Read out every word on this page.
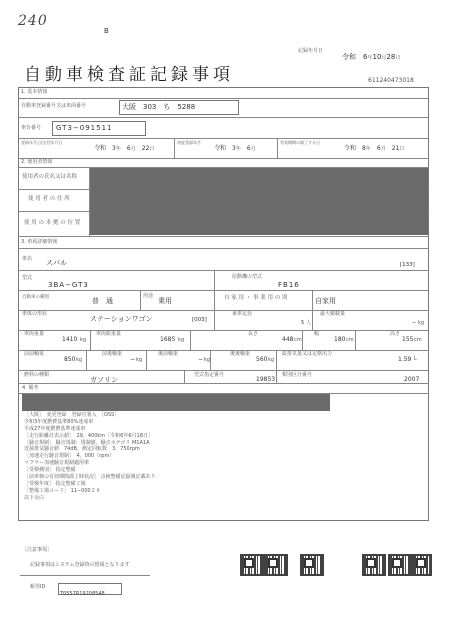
240
B
記録年月日
令和　 6年10月28日
自動車検査証記録事項	611240473018
1. 基本情報
自動車登録番号又は車両番号	大阪　303　ち　5288
車台番号 GT3−091511
登録年月日/交付年月日
令和　 3年　 6月　 22日
初度登録年月
令和　 3年　 6月
有効期間の満了する日
令和　 8年　 6月　 21日
2. 使用者情報
使用者の氏名又は名称
使 用 者 の 住 所
使 用 の 本 拠 の 位 置
3. 車両詳細情報
車名 スバル	[133]
型式
3BA−GT3
原動機の型式
FB16
自動車の種別	普　通
用途
乗用	自 家 用 ・ 事 業 用 の 別	自家用
車体の形状
ステーションワゴン	[003]
乗車定員
5 人
最大積載量
− kg
車両重量
1410 kg
車両総重量
1685 kg
長さ
448 cm
幅
180 cm
高さ
155 cm
前前軸重
850 kg
前後軸重
− kg
後前軸重
− kg
後後軸重
560 kg
総排気量又は定格出力
1.59 L
燃料の種類
ガソリン
型式指定番号
19853
類別区分番号
2007
4. 備考
［大阪］　変更登録　登録官署入　［OSS］
令和3年度燃費基準80%達成車
平成27年度燃費基準達成車
［走行距離計表示値］　29，400km［令和6年6月18日］
［騒音規制］ 騒音規制：規制値，騒音カテゴリ M1A1A
近接排気騒音値　74dB，測定回転数　3，750rpm
［加速走行騒音規制］　4，000（rpm）
マフラー加速騒音規制適用車
［受検種別］ 指定整備
［前車検の有効期間満了時状況］ 点検整備記録簿記載あり
［受検年度］ 指定整備工場
［整備工場コード］ 11−000２８
以下余白
［注意事項］
記録事項はシステム登録時の情報となります
帳票ID
T0557R19208548
